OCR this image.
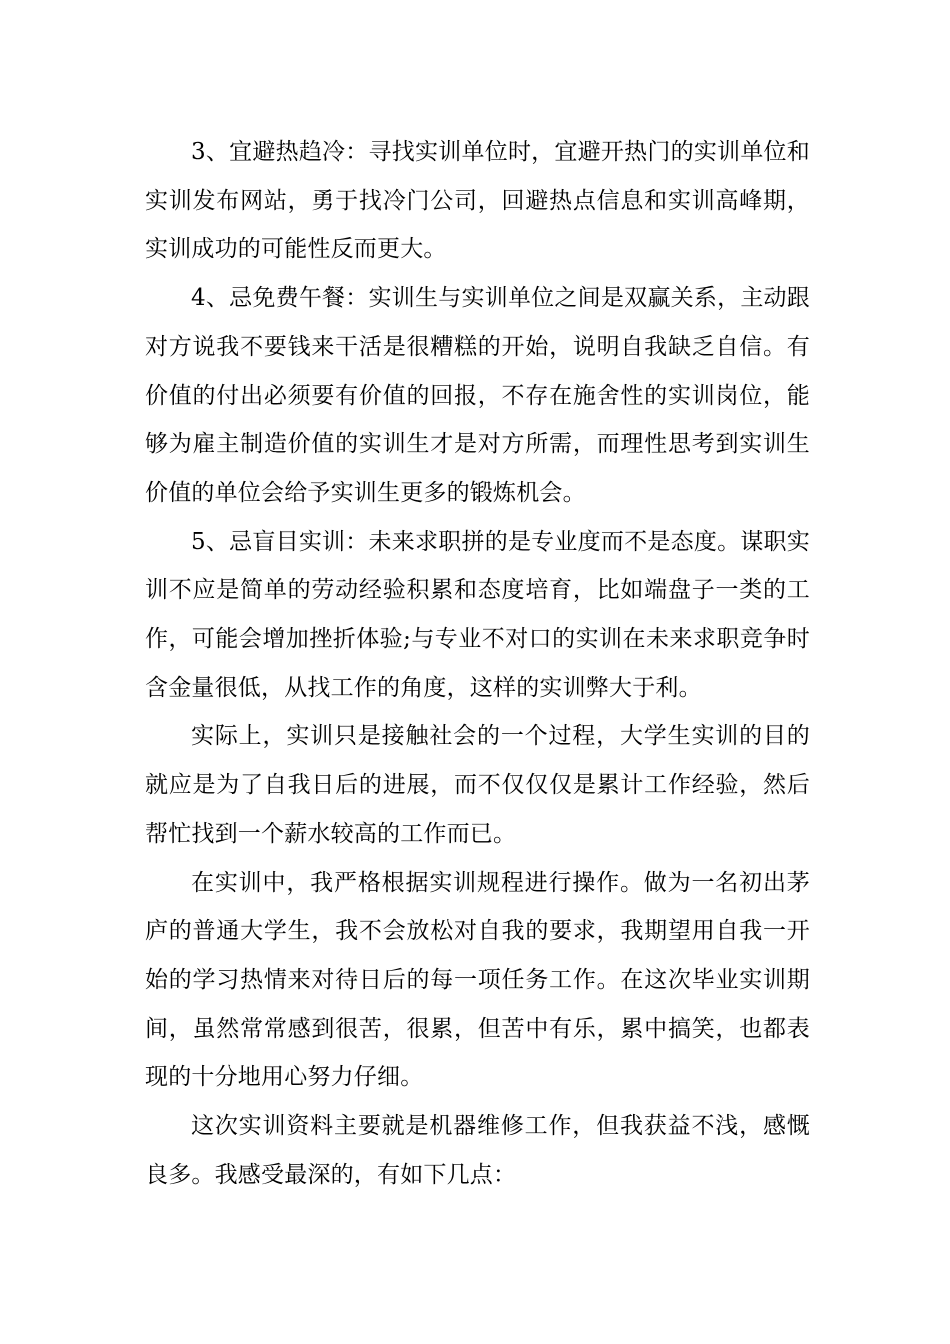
3、宜避热趋冷：寻找实训单位时，宜避开热门的实训单位和实训发布网站，勇于找冷门公司，回避热点信息和实训高峰期，实训成功的可能性反而更大。

4、忌免费午餐：实训生与实训单位之间是双赢关系，主动跟对方说我不要钱来干活是很糟糕的开始，说明自我缺乏自信。有价值的付出必须要有价值的回报，不存在施舍性的实训岗位，能够为雇主制造价值的实训生才是对方所需，而理性思考到实训生价值的单位会给予实训生更多的锻炼机会。

5、忌盲目实训：未来求职拼的是专业度而不是态度。谋职实训不应是简单的劳动经验积累和态度培育，比如端盘子一类的工作，可能会增加挫折体验;与专业不对口的实训在未来求职竞争时含金量很低，从找工作的角度，这样的实训弊大于利。

实际上，实训只是接触社会的一个过程，大学生实训的目的就应是为了自我日后的进展，而不仅仅仅是累计工作经验，然后帮忙找到一个薪水较高的工作而已。

在实训中，我严格根据实训规程进行操作。做为一名初出茅庐的普通大学生，我不会放松对自我的要求，我期望用自我一开始的学习热情来对待日后的每一项任务工作。在这次毕业实训期间，虽然常常感到很苦，很累，但苦中有乐，累中搞笑，也都表现的十分地用心努力仔细。

这次实训资料主要就是机器维修工作，但我获益不浅，感慨良多。我感受最深的，有如下几点：
